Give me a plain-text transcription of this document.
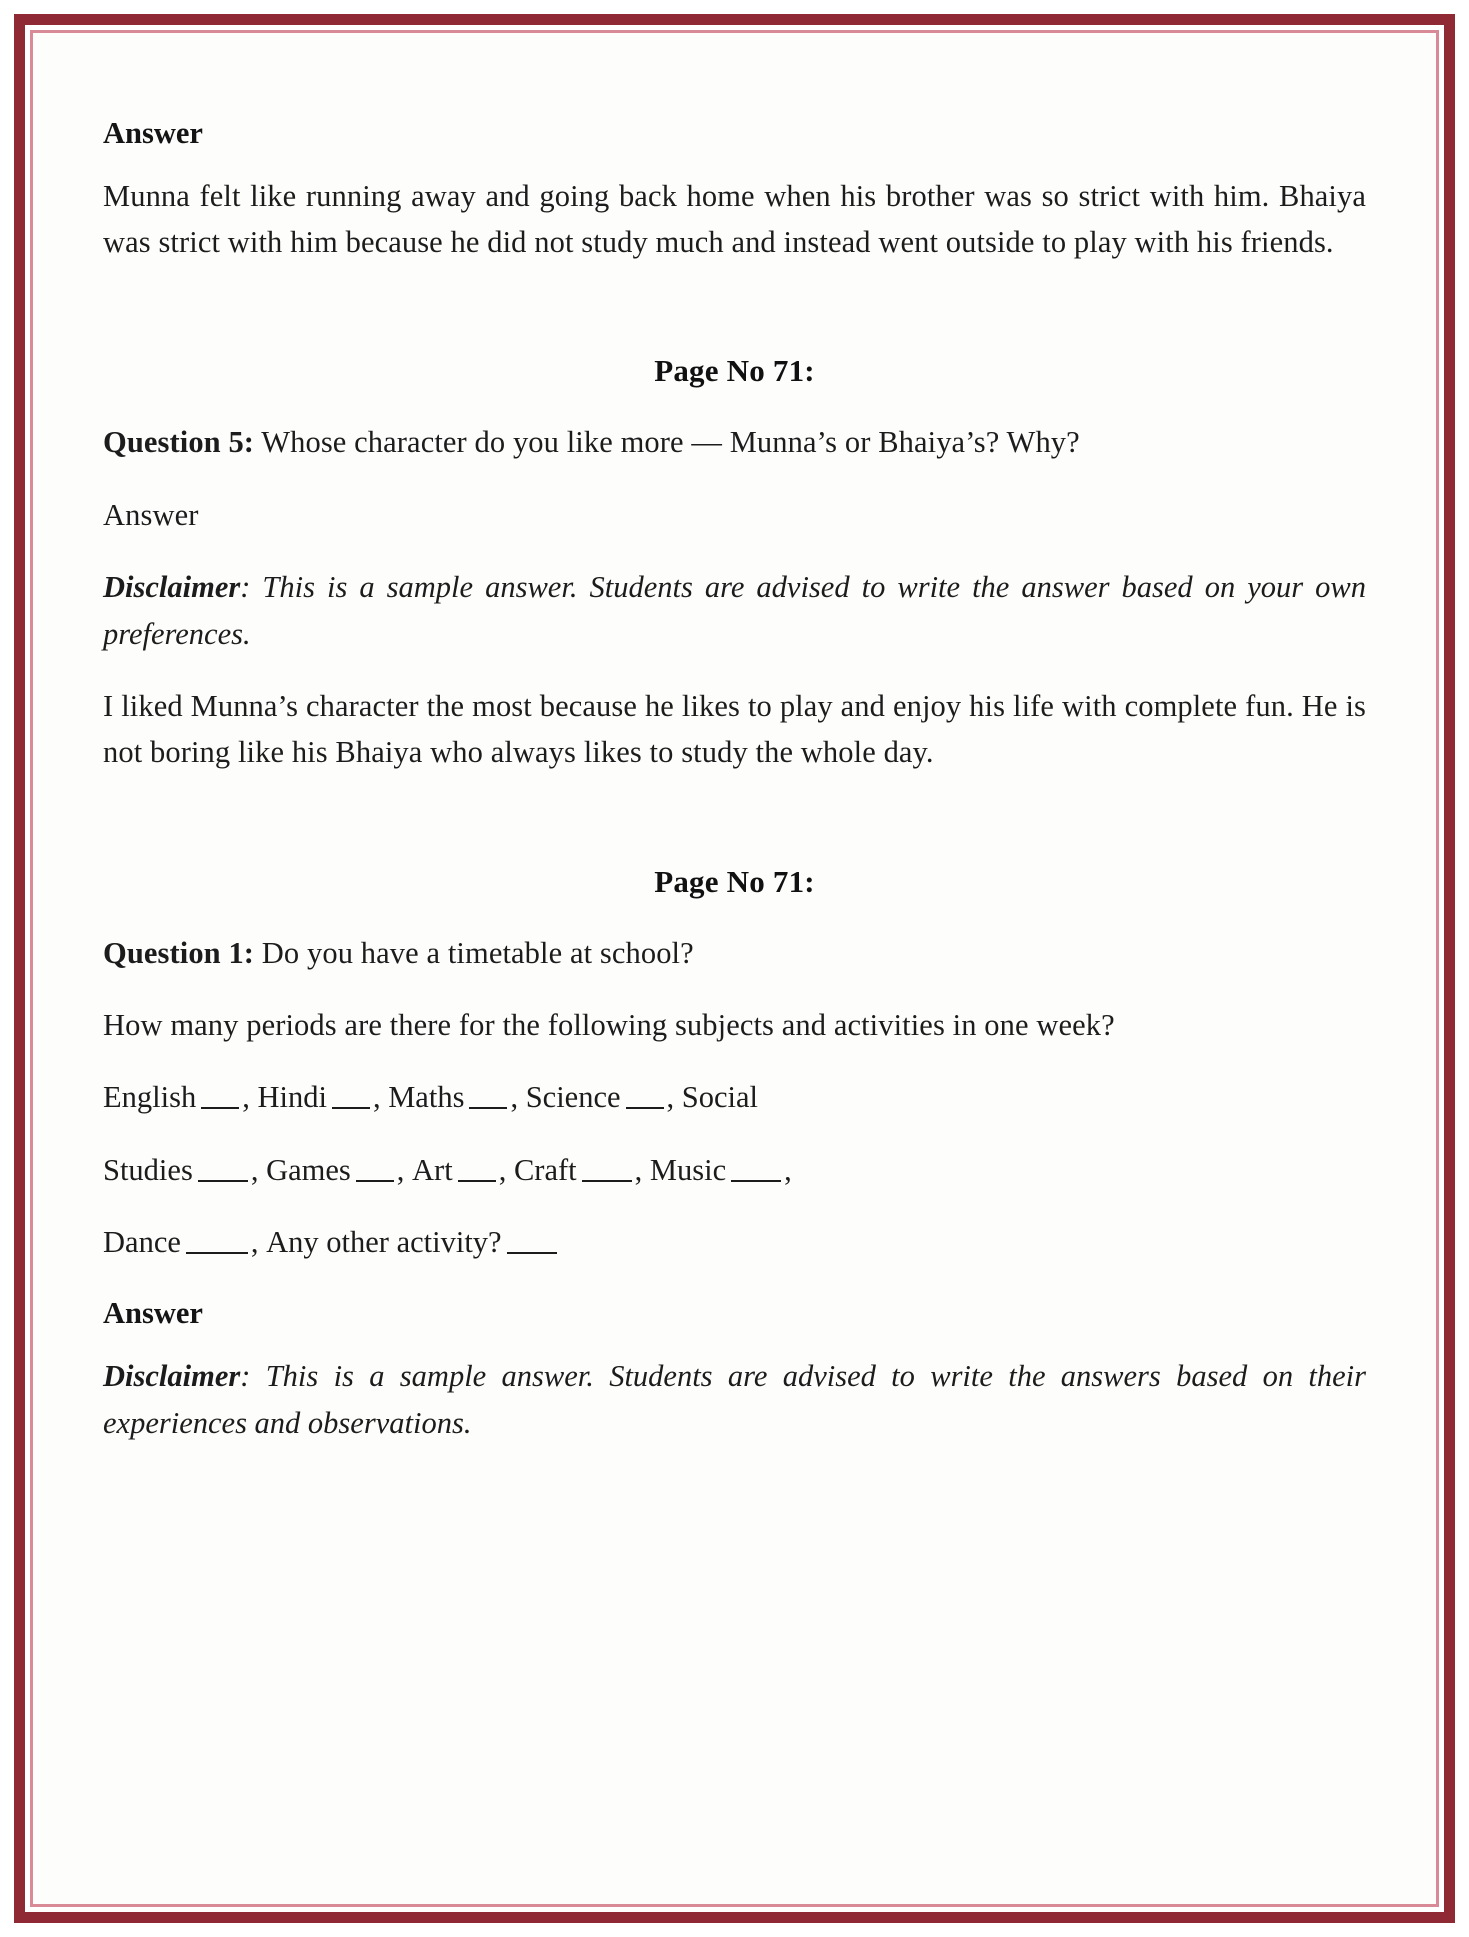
Answer

Munna felt like running away and going back home when his brother was so strict with him. Bhaiya was strict with him because he did not study much and instead went outside to play with his friends.

Page No 71:

Question 5: Whose character do you like more — Munna’s or Bhaiya’s? Why?

Answer

Disclaimer: This is a sample answer. Students are advised to write the answer based on your own preferences.

I liked Munna’s character the most because he likes to play and enjoy his life with complete fun. He is not boring like his Bhaiya who always likes to study the whole day.

Page No 71:

Question 1: Do you have a timetable at school?

How many periods are there for the following subjects and activities in one week?

English , Hindi , Maths , Science , Social

Studies , Games , Art , Craft , Music ,

Dance , Any other activity?

Answer

Disclaimer: This is a sample answer. Students are advised to write the answers based on their experiences and observations.
